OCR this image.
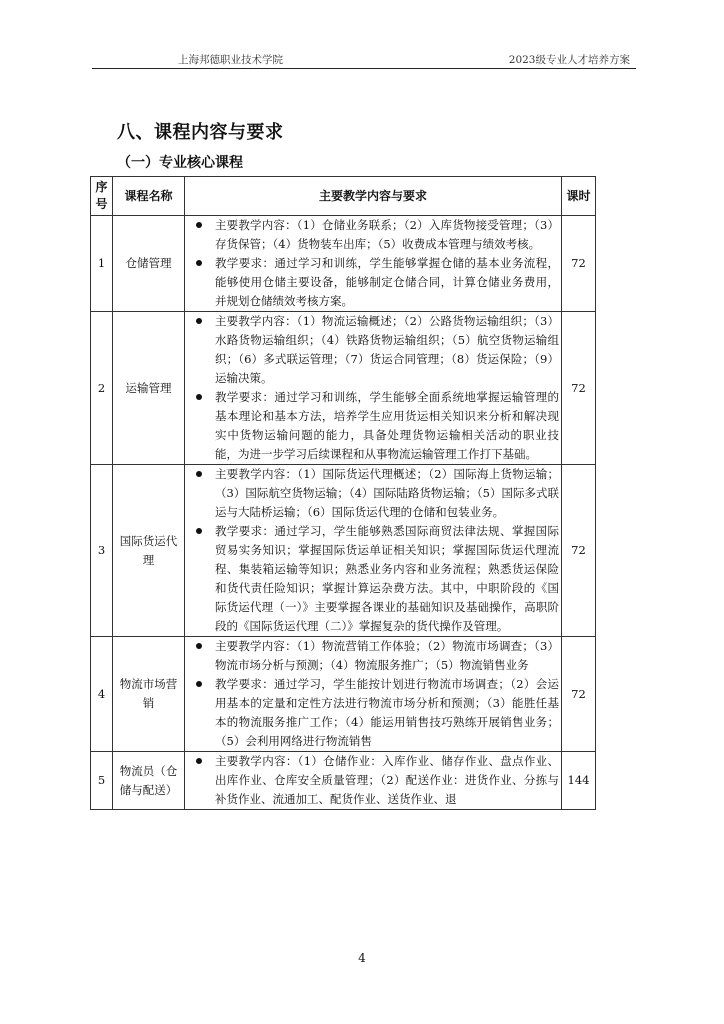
上海邦德职业技术学院	2023级专业人才培养方案
八、课程内容与要求
（一）专业核心课程
序号	课程名称	主要教学内容与要求	课时
1	仓储管理	主要教学内容：（1）仓储业务联系；（2）入库货物接受管理；（3）存货保管；（4）货物装车出库；（5）收费成本管理与绩效考核。
教学要求：通过学习和训练，学生能够掌握仓储的基本业务流程，能够使用仓储主要设备，能够制定仓储合同，计算仓储业务费用，并规划仓储绩效考核方案。	72
2	运输管理	主要教学内容：（1）物流运输概述；（2）公路货物运输组织；（3）水路货物运输组织；（4）铁路货物运输组织；（5）航空货物运输组织；（6）多式联运管理；（7）货运合同管理；（8）货运保险；（9）运输决策。
教学要求：通过学习和训练，学生能够全面系统地掌握运输管理的基本理论和基本方法，培养学生应用货运相关知识来分析和解决现实中货物运输问题的能力，具备处理货物运输相关活动的职业技能，为进一步学习后续课程和从事物流运输管理工作打下基础。	72
3	国际货运代理	主要教学内容：（1）国际货运代理概述；（2）国际海上货物运输；（3）国际航空货物运输；（4）国际陆路货物运输；（5）国际多式联运与大陆桥运输；（6）国际货运代理的仓储和包装业务。
教学要求：通过学习，学生能够熟悉国际商贸法律法规、掌握国际贸易实务知识；掌握国际货运单证相关知识；掌握国际货运代理流程、集装箱运输等知识；熟悉业务内容和业务流程；熟悉货运保险和货代责任险知识；掌握计算运杂费方法。其中，中职阶段的《国际货运代理（一）》主要掌握各课业的基础知识及基础操作，高职阶段的《国际货运代理（二）》掌握复杂的货代操作及管理。	72
4	物流市场营销	主要教学内容：（1）物流营销工作体验；（2）物流市场调查；（3）物流市场分析与预测；（4）物流服务推广；（5）物流销售业务
教学要求：通过学习，学生能按计划进行物流市场调查；（2）会运用基本的定量和定性方法进行物流市场分析和预测；（3）能胜任基本的物流服务推广工作；（4）能运用销售技巧熟练开展销售业务；（5）会利用网络进行物流销售	72
5	物流员（仓储与配送）	主要教学内容：（1）仓储作业：入库作业、储存作业、盘点作业、出库作业、仓库安全质量管理；（2）配送作业：进货作业、分拣与补货作业、流通加工、配货作业、送货作业、退	144
4
